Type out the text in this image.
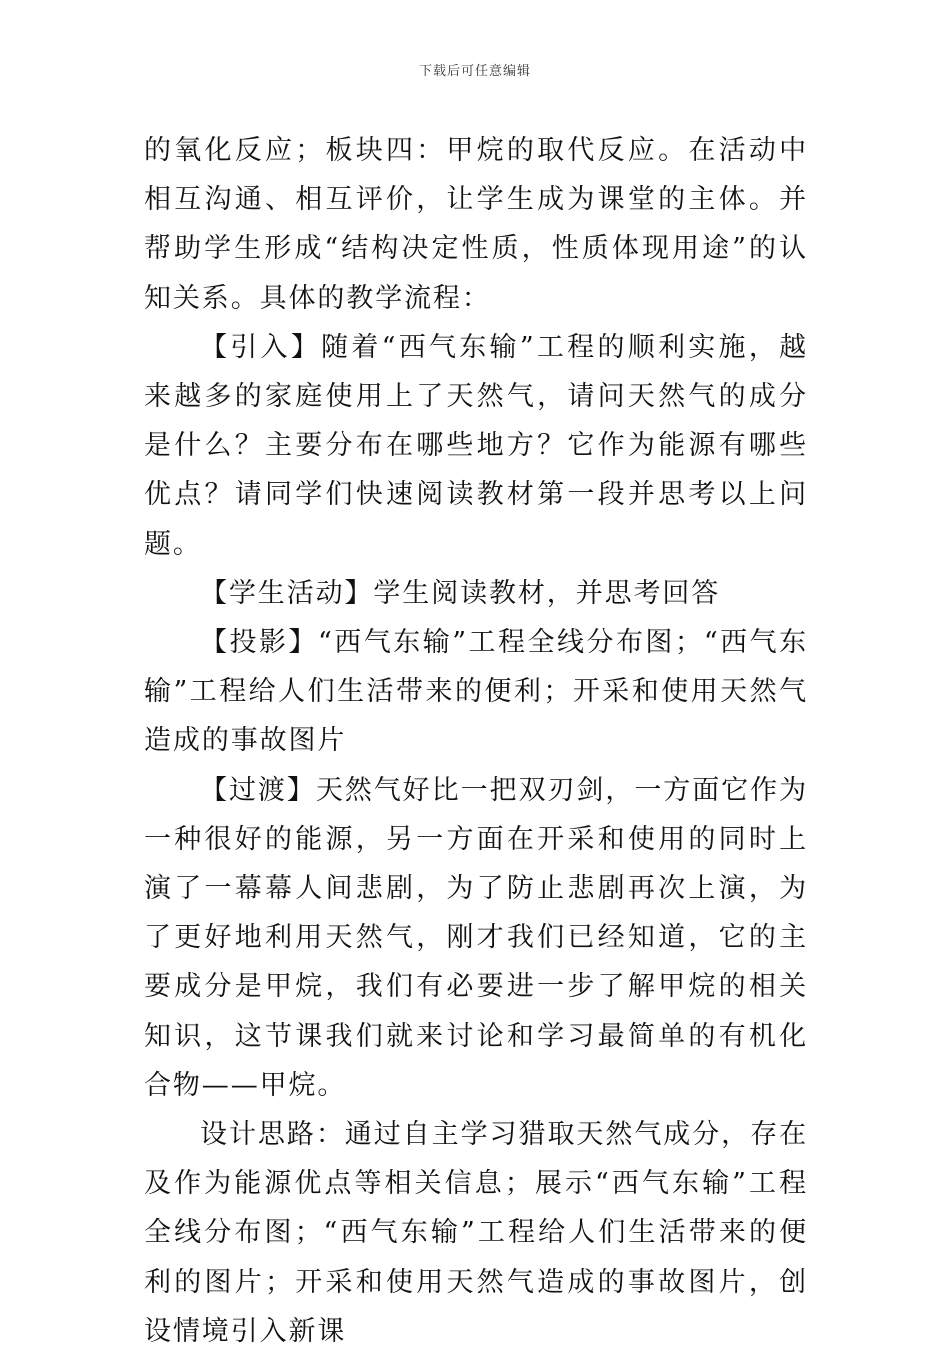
下载后可任意编辑

的氧化反应；板块四：甲烷的取代反应。在活动中相互沟通、相互评价，让学生成为课堂的主体。并帮助学生形成“结构决定性质，性质体现用途”的认知关系。具体的教学流程：

【引入】随着“西气东输”工程的顺利实施，越来越多的家庭使用上了天然气，请问天然气的成分是什么？主要分布在哪些地方？它作为能源有哪些优点？请同学们快速阅读教材第一段并思考以上问题。

【学生活动】学生阅读教材，并思考回答

【投影】“西气东输”工程全线分布图；“西气东输”工程给人们生活带来的便利；开采和使用天然气造成的事故图片

【过渡】天然气好比一把双刃剑，一方面它作为一种很好的能源，另一方面在开采和使用的同时上演了一幕幕人间悲剧，为了防止悲剧再次上演，为了更好地利用天然气，刚才我们已经知道，它的主要成分是甲烷，我们有必要进一步了解甲烷的相关知识，这节课我们就来讨论和学习最简单的有机化合物——甲烷。

设计思路：通过自主学习猎取天然气成分，存在及作为能源优点等相关信息；展示“西气东输”工程全线分布图；“西气东输”工程给人们生活带来的便利的图片；开采和使用天然气造成的事故图片，创设情境引入新课
